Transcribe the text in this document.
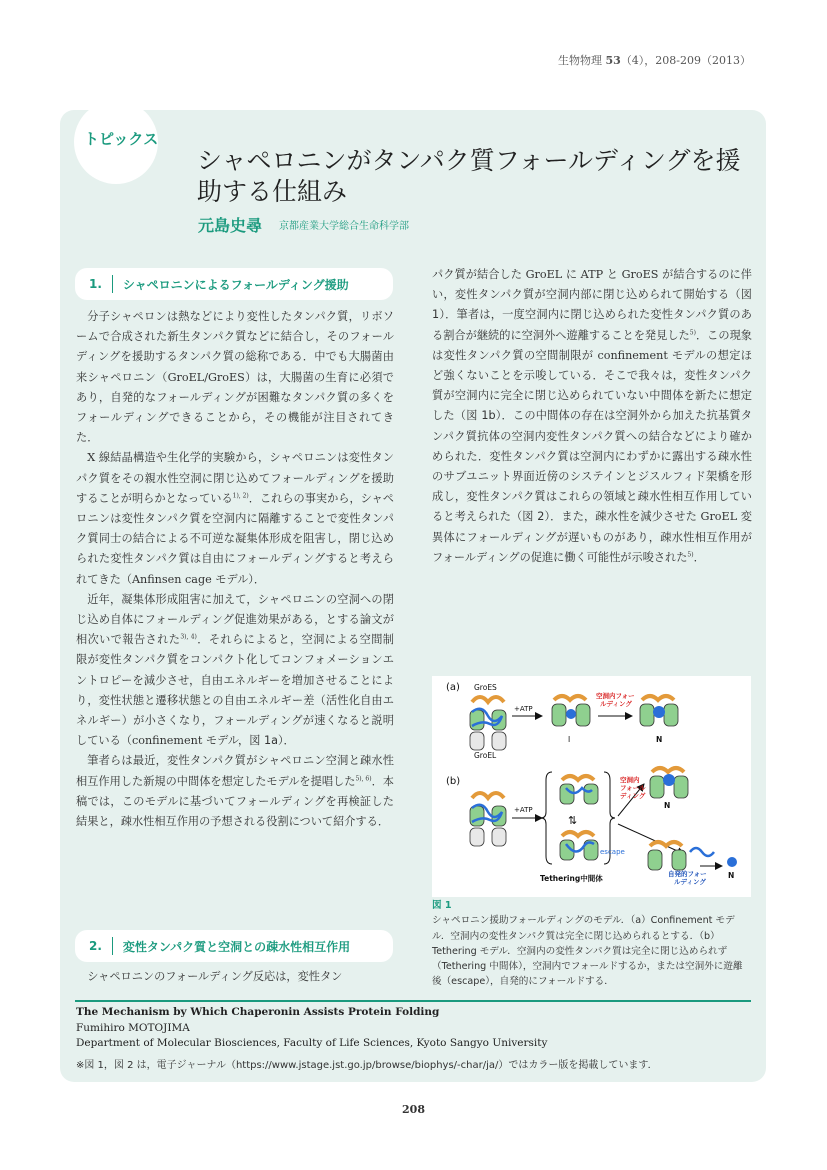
生物物理 53（4），208-209（2013）
トピックス
シャペロニンがタンパク質フォールディングを援助する仕組み
元島史尋 京都産業大学総合生命科学部
1.	シャペロニンによるフォールディング援助

分子シャペロンは熱などにより変性したタンパク質，リボソームで合成された新生タンパク質などに結合し，そのフォールディングを援助するタンパク質の総称である．中でも大腸菌由来シャペロニン（GroEL/GroES）は，大腸菌の生育に必須であり，自発的なフォールディングが困難なタンパク質の多くをフォールディングできることから，その機能が注目されてきた．

X 線結晶構造や生化学的実験から，シャペロニンは変性タンパク質をその親水性空洞に閉じ込めてフォールディングを援助することが明らかとなっている$^{1), 2)}$．これらの事実から，シャペロニンは変性タンパク質を空洞内に隔離することで変性タンパク質同士の結合による不可逆な凝集体形成を阻害し，閉じ込められた変性タンパク質は自由にフォールディングすると考えられてきた（Anfinsen cage モデル）．

近年，凝集体形成阻害に加えて，シャペロニンの空洞への閉じ込め自体にフォールディング促進効果がある，とする論文が相次いで報告された$^{3), 4)}$．それらによると，空洞による空間制限が変性タンパク質をコンパクト化してコンフォメーションエントロピーを減少させ，自由エネルギーを増加させることにより，変性状態と遷移状態との自由エネルギー差（活性化自由エネルギー）が小さくなり，フォールディングが速くなると説明している（confinement モデル，図 1a）．

筆者らは最近，変性タンパク質がシャペロニン空洞と疎水性相互作用した新規の中間体を想定したモデルを提唱した$^{5), 6)}$．本稿では，このモデルに基づいてフォールディングを再検証した結果と，疎水性相互作用の予想される役割について紹介する．

2.	変性タンパク質と空洞との疎水性相互作用

シャペロニンのフォールディング反応は，変性タン

パク質が結合した GroEL に ATP と GroES が結合するのに伴い，変性タンパク質が空洞内部に閉じ込められて開始する（図 1）．筆者は，一度空洞内に閉じ込められた変性タンパク質のある割合が継続的に空洞外へ遊離することを発見した$^{5)}$．この現象は変性タンパク質の空間制限が confinement モデルの想定ほど強くないことを示唆している．そこで我々は，変性タンパク質が空洞内に完全に閉じ込められていない中間体を新たに想定した（図 1b）．この中間体の存在は空洞外から加えた抗基質タンパク質抗体の空洞内変性タンパク質への結合などにより確かめられた．変性タンパク質は空洞内にわずかに露出する疎水性のサブユニット界面近傍のシステインとジスルフィド架橋を形成し，変性タンパク質はこれらの領域と疎水性相互作用していると考えられた（図 2）．また，疎水性を減少させた GroEL 変異体にフォールディングが遅いものがあり，疎水性相互作用がフォールディングの促進に働く可能性が示唆された$^{5)}$．

(a) GroES
GroEL
+ATP
I
空洞内フォー
ルディング
N
(b)
+ATP
⇅
Tethering中間体
空洞内
フォール
ディング
N
escape
自発的フォー
ルディング
N
図 1
シャペロニン援助フォールディングのモデル．（a）Confinement モデル．空洞内の変性タンパク質は完全に閉じ込められるとする．（b）Tethering モデル．空洞内の変性タンパク質は完全に閉じ込められず（Tethering 中間体），空洞内でフォールドするか，または空洞外に遊離後（escape），自発的にフォールドする．
The Mechanism by Which Chaperonin Assists Protein Folding
Fumihiro MOTOJIMA
Department of Molecular Biosciences, Faculty of Life Sciences, Kyoto Sangyo University
※図 1，図 2 は，電子ジャーナル（https://www.jstage.jst.go.jp/browse/biophys/-char/ja/）ではカラー版を掲載しています．
208
